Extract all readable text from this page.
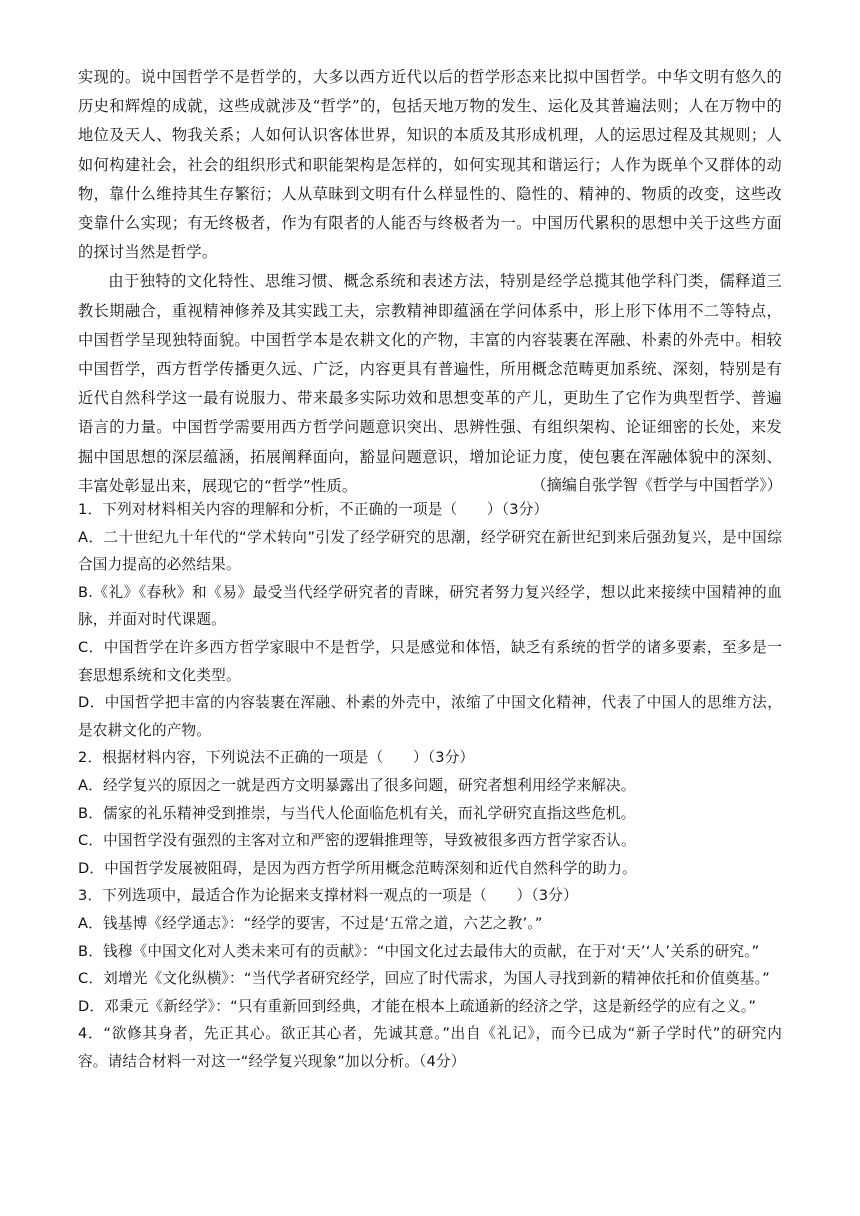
实现的。说中国哲学不是哲学的，大多以西方近代以后的哲学形态来比拟中国哲学。中华文明有悠久的历史和辉煌的成就，这些成就涉及“哲学”的，包括天地万物的发生、运化及其普遍法则；人在万物中的地位及天人、物我关系；人如何认识客体世界，知识的本质及其形成机理，人的运思过程及其规则；人如何构建社会，社会的组织形式和职能架构是怎样的，如何实现其和谐运行；人作为既单个又群体的动物，靠什么维持其生存繁衍；人从草昧到文明有什么样显性的、隐性的、精神的、物质的改变，这些改变靠什么实现；有无终极者，作为有限者的人能否与终极者为一。中国历代累积的思想中关于这些方面的探讨当然是哲学。

由于独特的文化特性、思维习惯、概念系统和表述方法，特别是经学总揽其他学科门类，儒释道三教长期融合，重视精神修养及其实践工夫，宗教精神即蕴涵在学问体系中，形上形下体用不二等特点，中国哲学呈现独特面貌。中国哲学本是农耕文化的产物，丰富的内容装裹在浑融、朴素的外壳中。相较中国哲学，西方哲学传播更久远、广泛，内容更具有普遍性，所用概念范畴更加系统、深刻，特别是有近代自然科学这一最有说服力、带来最多实际功效和思想变革的产儿，更助生了它作为典型哲学、普遍语言的力量。中国哲学需要用西方哲学问题意识突出、思辨性强、有组织架构、论证细密的长处，来发掘中国思想的深层蕴涵，拓展阐释面向，豁显问题意识，增加论证力度，使包裹在浑融体貌中的深刻、丰富处彰显出来，展现它的“哲学”性质。	（摘编自张学智《哲学与中国哲学》）

1．下列对材料相关内容的理解和分析，不正确的一项是（　　）（3分）

A．二十世纪九十年代的“学术转向”引发了经学研究的思潮，经学研究在新世纪到来后强劲复兴，是中国综合国力提高的必然结果。

B.《礼》《春秋》和《易》最受当代经学研究者的青睐，研究者努力复兴经学，想以此来接续中国精神的血脉，并面对时代课题。

C．中国哲学在许多西方哲学家眼中不是哲学，只是感觉和体悟，缺乏有系统的哲学的诸多要素，至多是一套思想系统和文化类型。

D．中国哲学把丰富的内容装裹在浑融、朴素的外壳中，浓缩了中国文化精神，代表了中国人的思维方法，是农耕文化的产物。

2．根据材料内容，下列说法不正确的一项是（　　）（3分）

A．经学复兴的原因之一就是西方文明暴露出了很多问题，研究者想利用经学来解决。

B．儒家的礼乐精神受到推崇，与当代人伦面临危机有关，而礼学研究直指这些危机。

C．中国哲学没有强烈的主客对立和严密的逻辑推理等，导致被很多西方哲学家否认。

D．中国哲学发展被阻碍，是因为西方哲学所用概念范畴深刻和近代自然科学的助力。

3．下列选项中，最适合作为论据来支撑材料一观点的一项是（　　）（3分）

A．钱基博《经学通志》：“经学的要害，不过是‘五常之道，六艺之教’。”

B．钱穆《中国文化对人类未来可有的贡献》：“中国文化过去最伟大的贡献，在于对‘天’‘人’关系的研究。”

C．刘增光《文化纵横》：“当代学者研究经学，回应了时代需求，为国人寻找到新的精神依托和价值奠基。”

D．邓秉元《新经学》：“只有重新回到经典，才能在根本上疏通新的经济之学，这是新经学的应有之义。”

4．“欲修其身者，先正其心。欲正其心者，先诚其意。”出自《礼记》，而今已成为“新子学时代”的研究内容。请结合材料一对这一“经学复兴现象”加以分析。（4分）
